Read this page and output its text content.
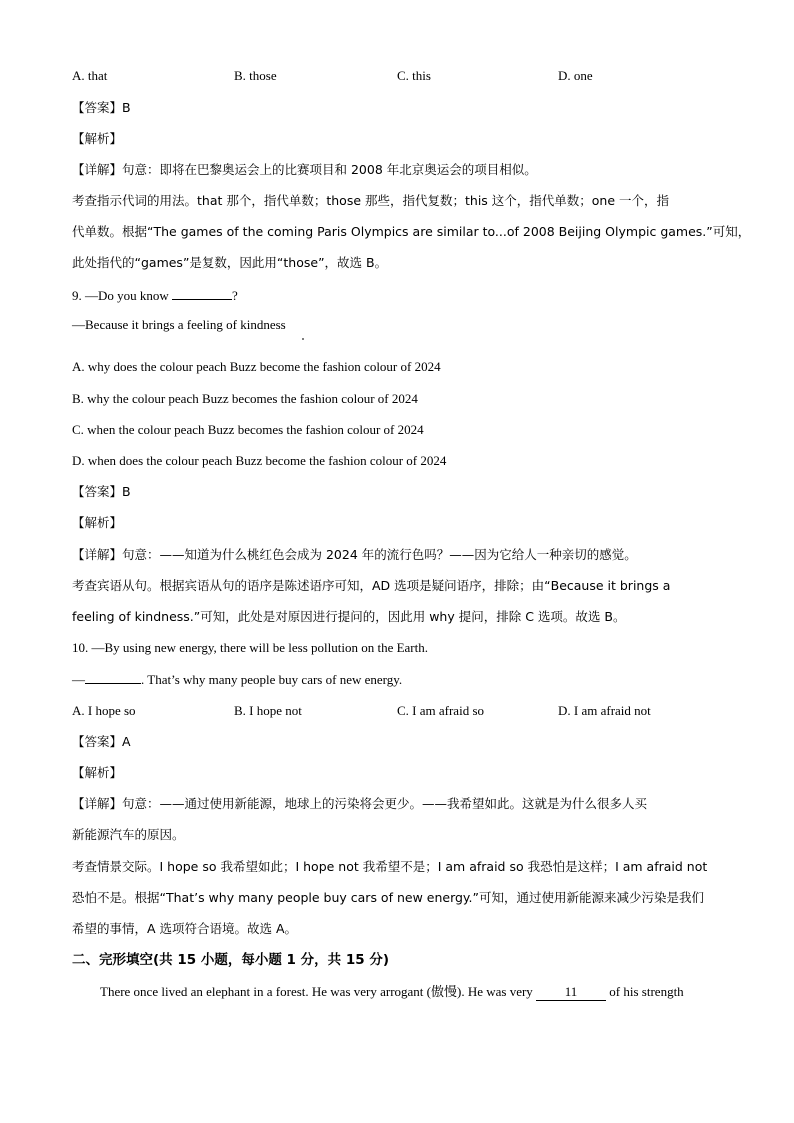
A. that	B. those	C. this	D. one
【答案】B
【解析】
【详解】句意：即将在巴黎奥运会上的比赛项目和 2008 年北京奥运会的项目相似。
考查指示代词的用法。that 那个，指代单数；those 那些，指代复数；this 这个，指代单数；one 一个，指
代单数。根据“The games of the coming Paris Olympics are similar to...of 2008 Beijing Olympic games.”可知，
此处指代的“games”是复数，因此用“those”，故选 B。
9. —Do you know	?
—Because it brings a feeling of kindness
A. why does the colour peach Buzz become the fashion colour of 2024
B. why the colour peach Buzz becomes the fashion colour of 2024
C. when the colour peach Buzz becomes the fashion colour of 2024
D. when does the colour peach Buzz become the fashion colour of 2024
【答案】B
【解析】
【详解】句意：——知道为什么桃红色会成为 2024 年的流行色吗？——因为它给人一种亲切的感觉。
考查宾语从句。根据宾语从句的语序是陈述语序可知，AD 选项是疑问语序，排除；由“Because it brings a
feeling of kindness.”可知，此处是对原因进行提问的，因此用 why 提问，排除 C 选项。故选 B。
10. —By using new energy, there will be less pollution on the Earth.
—	. That’s why many people buy cars of new energy.
A. I hope so	B. I hope not	C. I am afraid so	D. I am afraid not
【答案】A
【解析】
【详解】句意：——通过使用新能源，地球上的污染将会更少。——我希望如此。这就是为什么很多人买
新能源汽车的原因。
考查情景交际。I hope so 我希望如此；I hope not 我希望不是；I am afraid so 我恐怕是这样；I am afraid not
恐怕不是。根据“That’s why many people buy cars of new energy.”可知，通过使用新能源来减少污染是我们
希望的事情，A 选项符合语境。故选 A。
二、完形填空(共 15 小题，每小题 1 分，共 15 分)
There once lived an elephant in a forest. He was very arrogant (傲慢). He was very 11 of his strength
